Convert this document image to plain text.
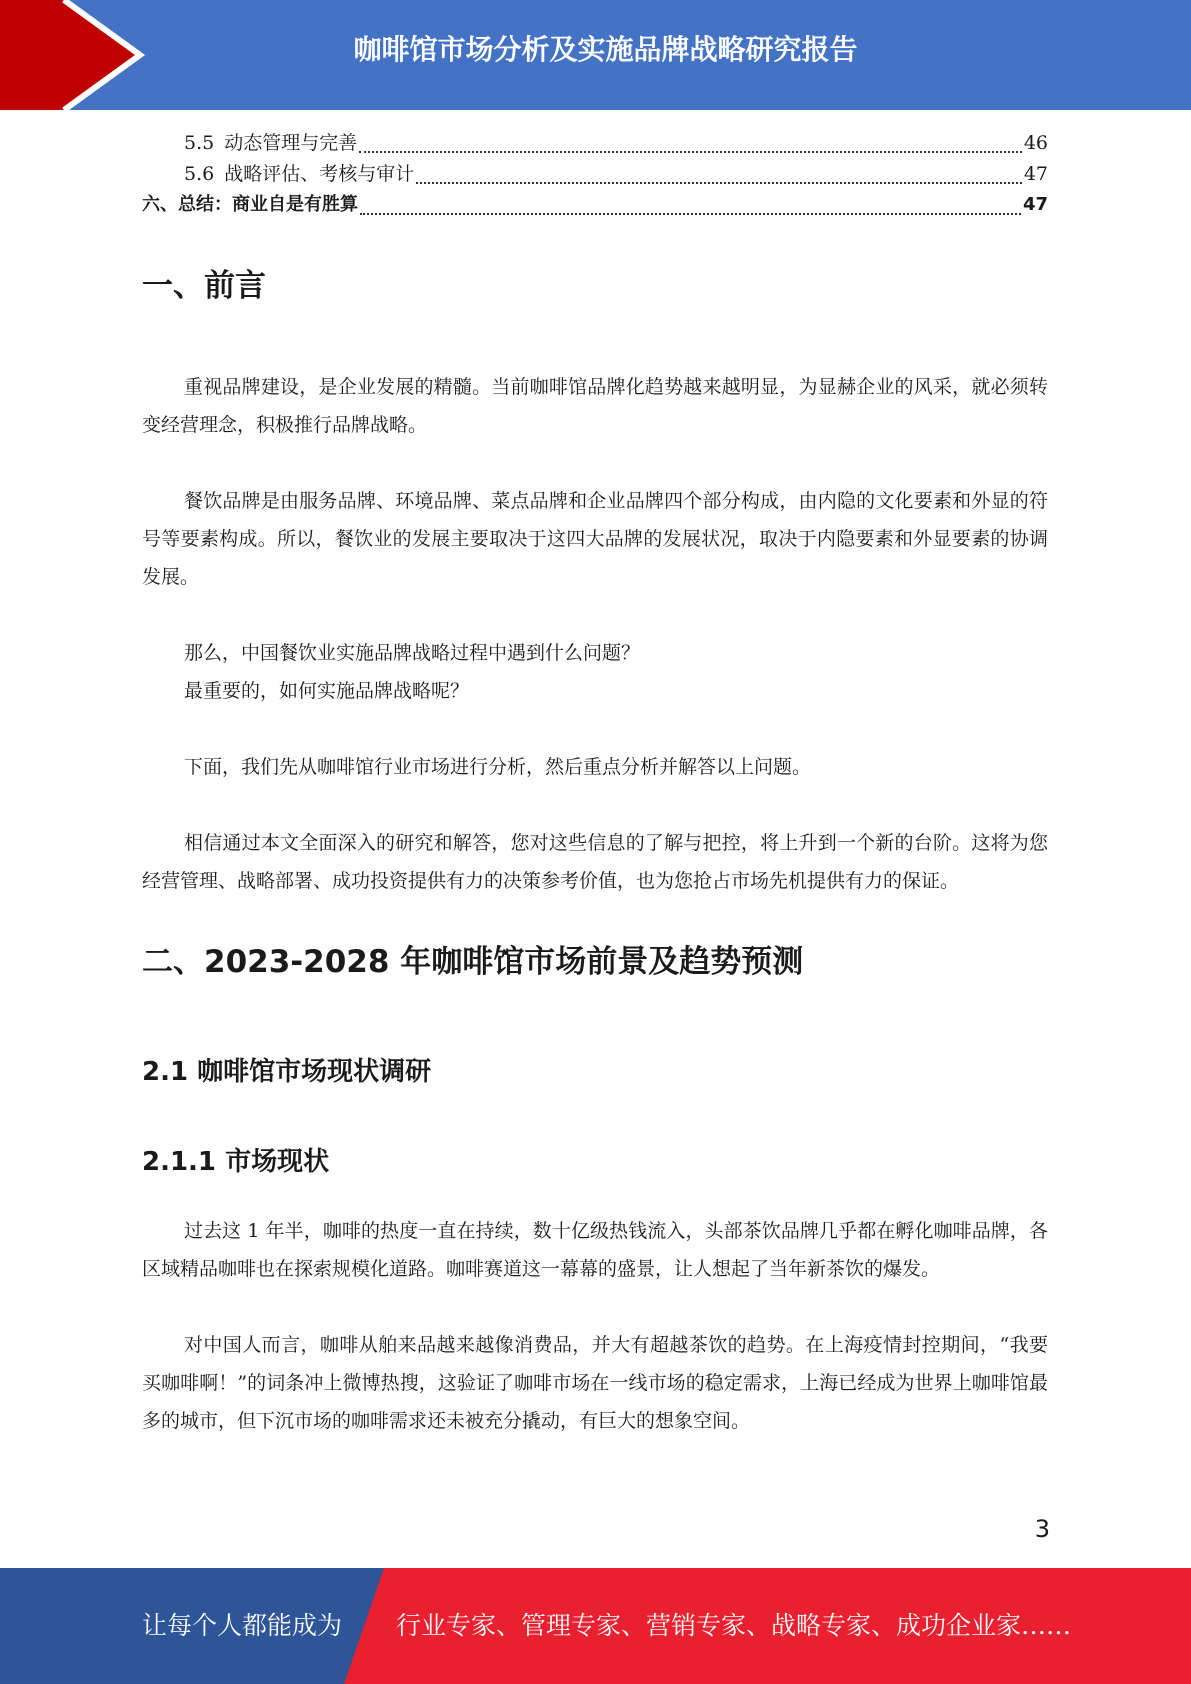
咖啡馆市场分析及实施品牌战略研究报告
5.5 动态管理与完善	46
5.6 战略评估、考核与审计	47
六、总结：商业自是有胜算	47
一、前言

重视品牌建设，是企业发展的精髓。当前咖啡馆品牌化趋势越来越明显，为显赫企业的风采，就必须转变经营理念，积极推行品牌战略。

餐饮品牌是由服务品牌、环境品牌、菜点品牌和企业品牌四个部分构成，由内隐的文化要素和外显的符号等要素构成。所以，餐饮业的发展主要取决于这四大品牌的发展状况，取决于内隐要素和外显要素的协调发展。

那么，中国餐饮业实施品牌战略过程中遇到什么问题？

最重要的，如何实施品牌战略呢？

下面，我们先从咖啡馆行业市场进行分析，然后重点分析并解答以上问题。

相信通过本文全面深入的研究和解答，您对这些信息的了解与把控，将上升到一个新的台阶。这将为您经营管理、战略部署、成功投资提供有力的决策参考价值，也为您抢占市场先机提供有力的保证。

二、2023-2028 年咖啡馆市场前景及趋势预测
2.1 咖啡馆市场现状调研
2.1.1 市场现状

过去这 1 年半，咖啡的热度一直在持续，数十亿级热钱流入，头部茶饮品牌几乎都在孵化咖啡品牌，各区域精品咖啡也在探索规模化道路。咖啡赛道这一幕幕的盛景，让人想起了当年新茶饮的爆发。

对中国人而言，咖啡从舶来品越来越像消费品，并大有超越茶饮的趋势。在上海疫情封控期间，“我要买咖啡啊！”的词条冲上微博热搜，这验证了咖啡市场在一线市场的稳定需求，上海已经成为世界上咖啡馆最多的城市，但下沉市场的咖啡需求还未被充分撬动，有巨大的想象空间。

3
让每个人都能成为 行业专家、管理专家、营销专家、战略专家、成功企业家……
